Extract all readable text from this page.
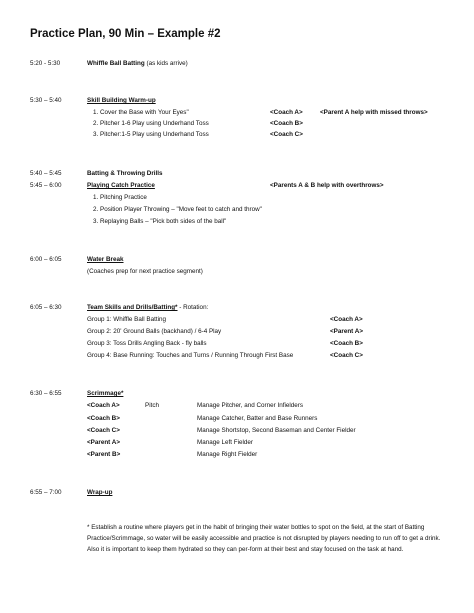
Practice Plan, 90 Min – Example #2
5:20 - 5:30	Whiffle Ball Batting (as kids arrive)
5:30 – 5:40	Skill Building Warm-up
1. Cover the Base with Your Eyes"	<Coach A>	<Parent A help with missed throws>
2. Pitcher 1-6 Play using Underhand Toss	<Coach B>
3. Pitcher:1-5 Play using Underhand Toss	<Coach C>
5:40 – 5:45	Batting & Throwing Drills
5:45 – 6:00	Playing Catch Practice	<Parents A & B help with overthrows>
1. Pitching Practice
2. Position Player Throwing – "Move feet to catch and throw"
3. Replaying Balls – "Pick both sides of the ball"
6:00 – 6:05	Water Break
(Coaches prep for next practice segment)
6:05 – 6:30	Team Skills and Drills/Batting* - Rotation:
Group 1: Whiffle Ball Batting	<Coach A>
Group 2: 20' Ground Balls (backhand) / 6-4 Play	<Parent A>
Group 3: Toss Drills Angling Back - fly balls	<Coach B>
Group 4: Base Running: Touches and Turns / Running Through First Base	<Coach C>
6:30 – 6:55	Scrimmage*
<Coach A>	Pitch	Manage Pitcher, and Corner Infielders
<Coach B>	Manage Catcher, Batter and Base Runners
<Coach C>	Manage Shortstop, Second Baseman and Center Fielder
<Parent A>	Manage Left Fielder
<Parent B>	Manage Right Fielder
6:55 – 7:00	Wrap-up
* Establish a routine where players get in the habit of bringing their water bottles to spot on the field, at the start of Batting Practice/Scrimmage, so water will be easily accessible and practice is not disrupted by players needing to run off to get a drink. Also it is important to keep them hydrated so they can per-form at their best and stay focused on the task at hand.
